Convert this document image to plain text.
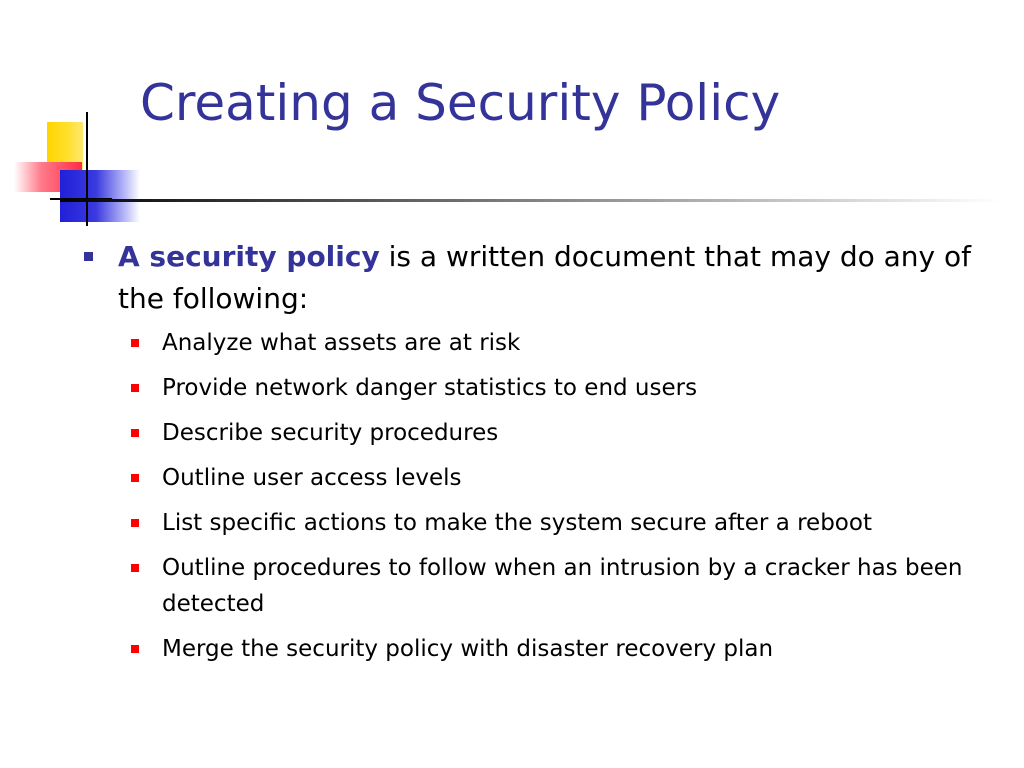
Creating a Security Policy

A security policy is a written document that may do any of the following:

Analyze what assets are at risk
Provide network danger statistics to end users
Describe security procedures
Outline user access levels
List specific actions to make the system secure after a reboot
Outline procedures to follow when an intrusion by a cracker has been detected
Merge the security policy with disaster recovery plan
